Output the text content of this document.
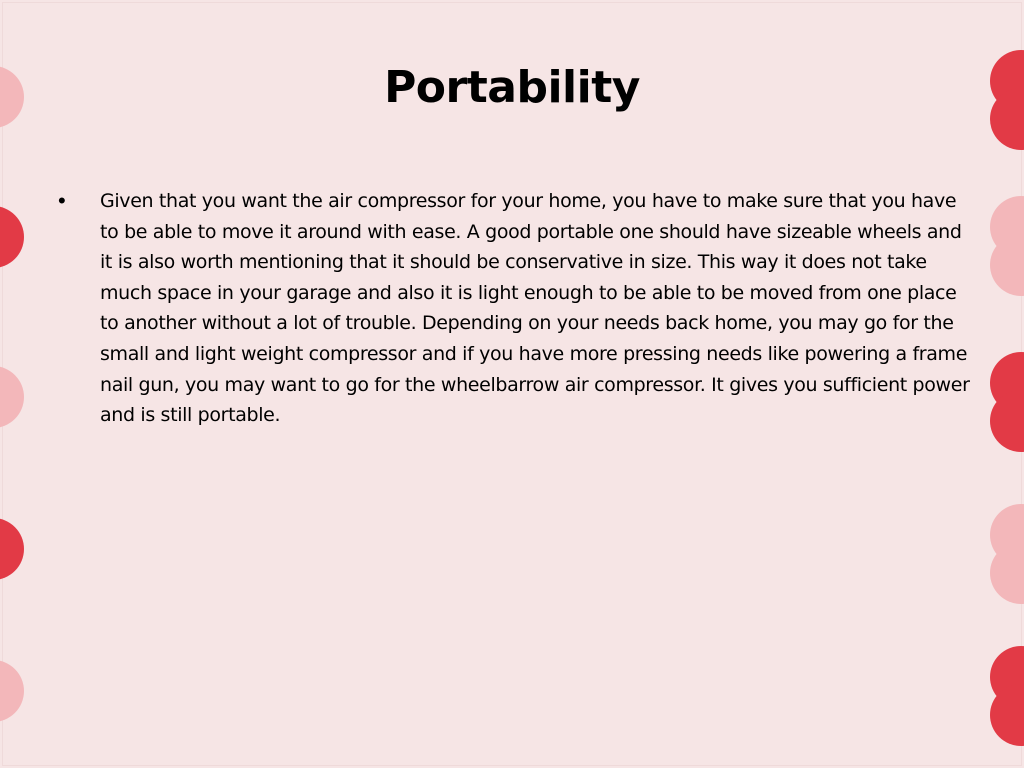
Portability
• Given that you want the air compressor for your home, you have to make sure that you have to be able to move it around with ease. A good portable one should have sizeable wheels and it is also worth mentioning that it should be conservative in size. This way it does not take much space in your garage and also it is light enough to be able to be moved from one place to another without a lot of trouble. Depending on your needs back home, you may go for the small and light weight compressor and if you have more pressing needs like powering a frame nail gun, you may want to go for the wheelbarrow air compressor. It gives you sufficient power and is still portable.
